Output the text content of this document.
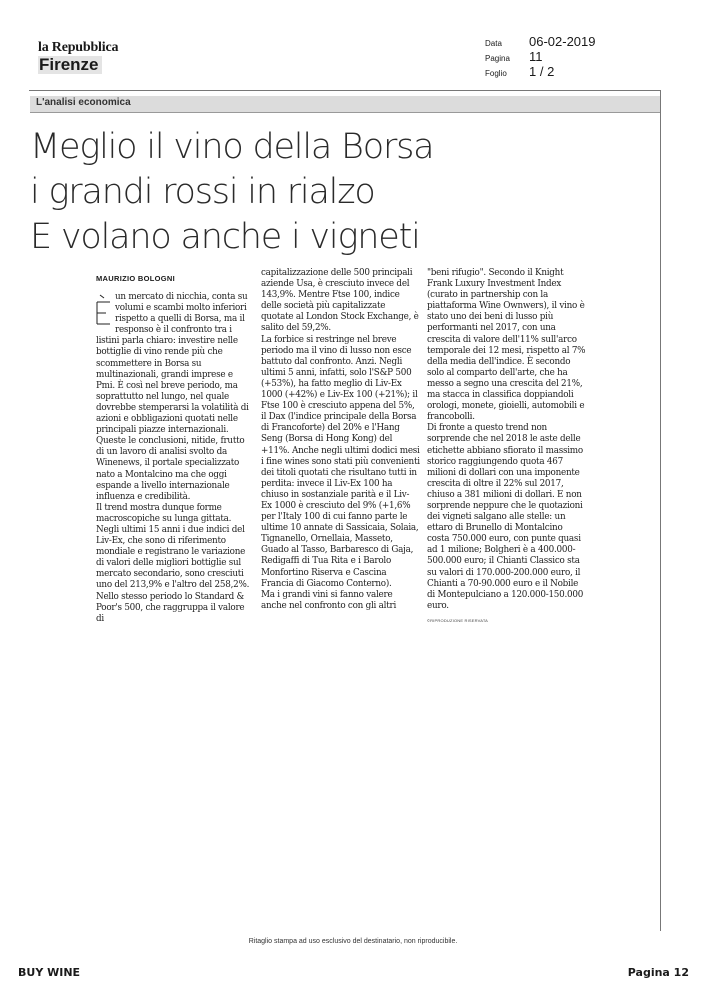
la Repubblica
Firenze
Data	06-02-2019
Pagina	11
Foglio	1 / 2
L'analisi economica
Meglio il vino della Borsa
i grandi rossi in rialzo
E volano anche i vigneti
MAURIZIO BOLOGNI

un mercato di nicchia, conta su volumi e scambi molto inferiori rispetto a quelli di Borsa, ma il responso è il confronto tra i listini parla chiaro: investire nelle bottiglie di vino rende più che scommettere in Borsa su multinazionali, grandi imprese e Pmi. È così nel breve periodo, ma soprattutto nel lungo, nel quale dovrebbe stemperarsi la volatilità di azioni e obbligazioni quotati nelle principali piazze internazionali.

Queste le conclusioni, nitide, frutto di un lavoro di analisi svolto da Winenews, il portale specializzato nato a Montalcino ma che oggi espande a livello internazionale influenza e credibilità.

Il trend mostra dunque forme macroscopiche su lunga gittata. Negli ultimi 15 anni i due indici del Liv-Ex, che sono di riferimento mondiale e registrano le variazione di valori delle migliori bottiglie sul mercato secondario, sono cresciuti uno del 213,9% e l'altro del 258,2%. Nello stesso periodo lo Standard & Poor's 500, che raggruppa il valore di

capitalizzazione delle 500 principali aziende Usa, è cresciuto invece del 143,9%. Mentre Ftse 100, indice delle società più capitalizzate quotate al London Stock Exchange, è salito del 59,2%.

La forbice si restringe nel breve periodo ma il vino di lusso non esce battuto dal confronto. Anzi. Negli ultimi 5 anni, infatti, solo l'S&P 500 (+53%), ha fatto meglio di Liv-Ex 1000 (+42%) e Liv-Ex 100 (+21%); il Ftse 100 è cresciuto appena del 5%, il Dax (l'indice principale della Borsa di Francoforte) del 20% e l'Hang Seng (Borsa di Hong Kong) del +11%. Anche negli ultimi dodici mesi i fine wines sono stati più convenienti dei titoli quotati che risultano tutti in perdita: invece il Liv-Ex 100 ha chiuso in sostanziale parità e il Liv-Ex 1000 è cresciuto del 9% (+1,6% per l'Italy 100 di cui fanno parte le ultime 10 annate di Sassicaia, Solaia, Tignanello, Ornellaia, Masseto, Guado al Tasso, Barbaresco di Gaja, Redigaffi di Tua Rita e i Barolo Monfortino Riserva e Cascina Francia di Giacomo Conterno).

Ma i grandi vini si fanno valere anche nel confronto con gli altri

"beni rifugio". Secondo il Knight Frank Luxury Investment Index (curato in partnership con la piattaforma Wine Ownwers), il vino è stato uno dei beni di lusso più performanti nel 2017, con una crescita di valore dell'11% sull'arco temporale dei 12 mesi, rispetto al 7% della media dell'indice. È secondo solo al comparto dell'arte, che ha messo a segno una crescita del 21%, ma stacca in classifica doppiandoli orologi, monete, gioielli, automobili e francobolli.

Di fronte a questo trend non sorprende che nel 2018 le aste delle etichette abbiano sfiorato il massimo storico raggiungendo quota 467 milioni di dollari con una imponente crescita di oltre il 22% sul 2017, chiuso a 381 milioni di dollari. E non sorprende neppure che le quotazioni dei vigneti salgano alle stelle: un ettaro di Brunello di Montalcino costa 750.000 euro, con punte quasi ad 1 milione; Bolgheri è a 400.000-500.000 euro; il Chianti Classico sta su valori di 170.000-200.000 euro, il Chianti a 70-90.000 euro e il Nobile di Montepulciano a 120.000-150.000 euro.

©RIPRODUZIONE RISERVATA

Ritaglio stampa ad uso esclusivo del destinatario, non riproducibile.
BUY WINE	Pagina 12
